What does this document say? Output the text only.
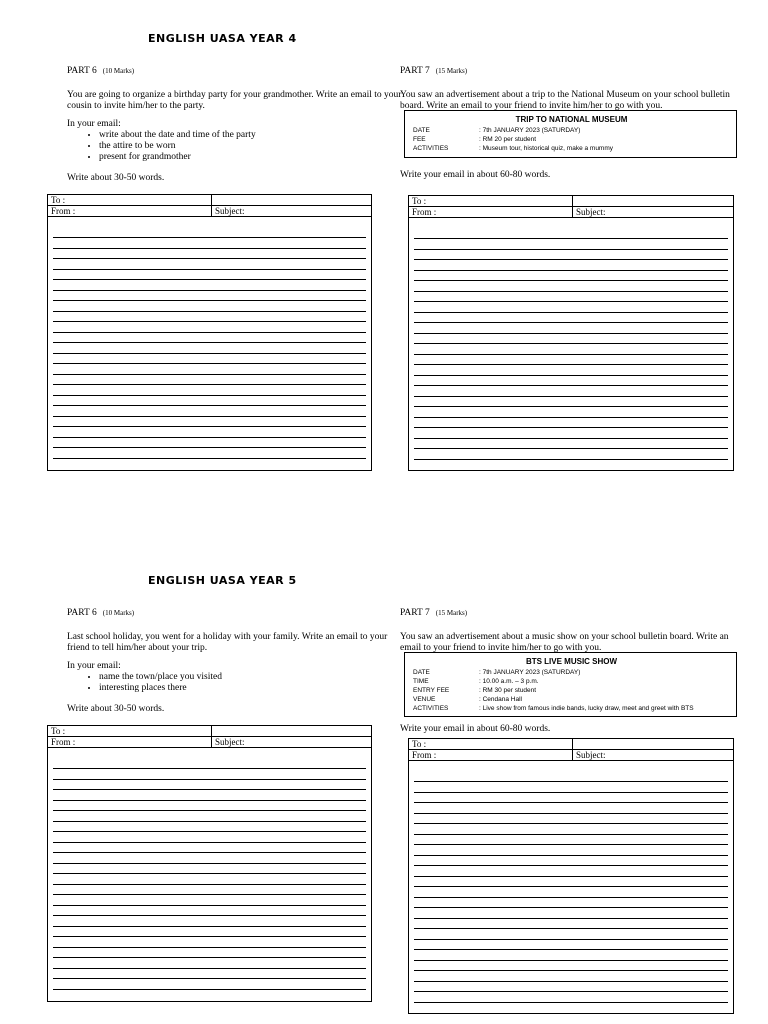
ENGLISH UASA YEAR 4
PART 6 (10 Marks)
You are going to organize a birthday party for your grandmother. Write an email to your cousin to invite him/her to the party.
In your email:
• write about the date and time of the party
• the attire to be worn
• present for grandmother
Write about 30-50 words.
To :
From :	Subject:
PART 7 (15 Marks)
You saw an advertisement about a trip to the National Museum on your school bulletin board. Write an email to your friend to invite him/her to go with you.
TRIP TO NATIONAL MUSEUM
DATE	: 7th JANUARY 2023 (SATURDAY)
FEE	: RM 20 per student
ACTIVITIES	: Museum tour, historical quiz, make a mummy
Write your email in about 60-80 words.
To :
From :	Subject:
ENGLISH UASA YEAR 5
PART 6 (10 Marks)
Last school holiday, you went for a holiday with your family. Write an email to your friend to tell him/her about your trip.
In your email:
• name the town/place you visited
• interesting places there
Write about 30-50 words.
To :
From :	Subject:
PART 7 (15 Marks)
You saw an advertisement about a music show on your school bulletin board. Write an email to your friend to invite him/her to go with you.
BTS LIVE MUSIC SHOW
DATE	: 7th JANUARY 2023 (SATURDAY)
TIME	: 10.00 a.m. – 3 p.m.
ENTRY FEE	: RM 30 per student
VENUE	: Cendana Hall
ACTIVITIES	: Live show from famous indie bands, lucky draw, meet and greet with BTS
Write your email in about 60-80 words.
To :
From :	Subject:
